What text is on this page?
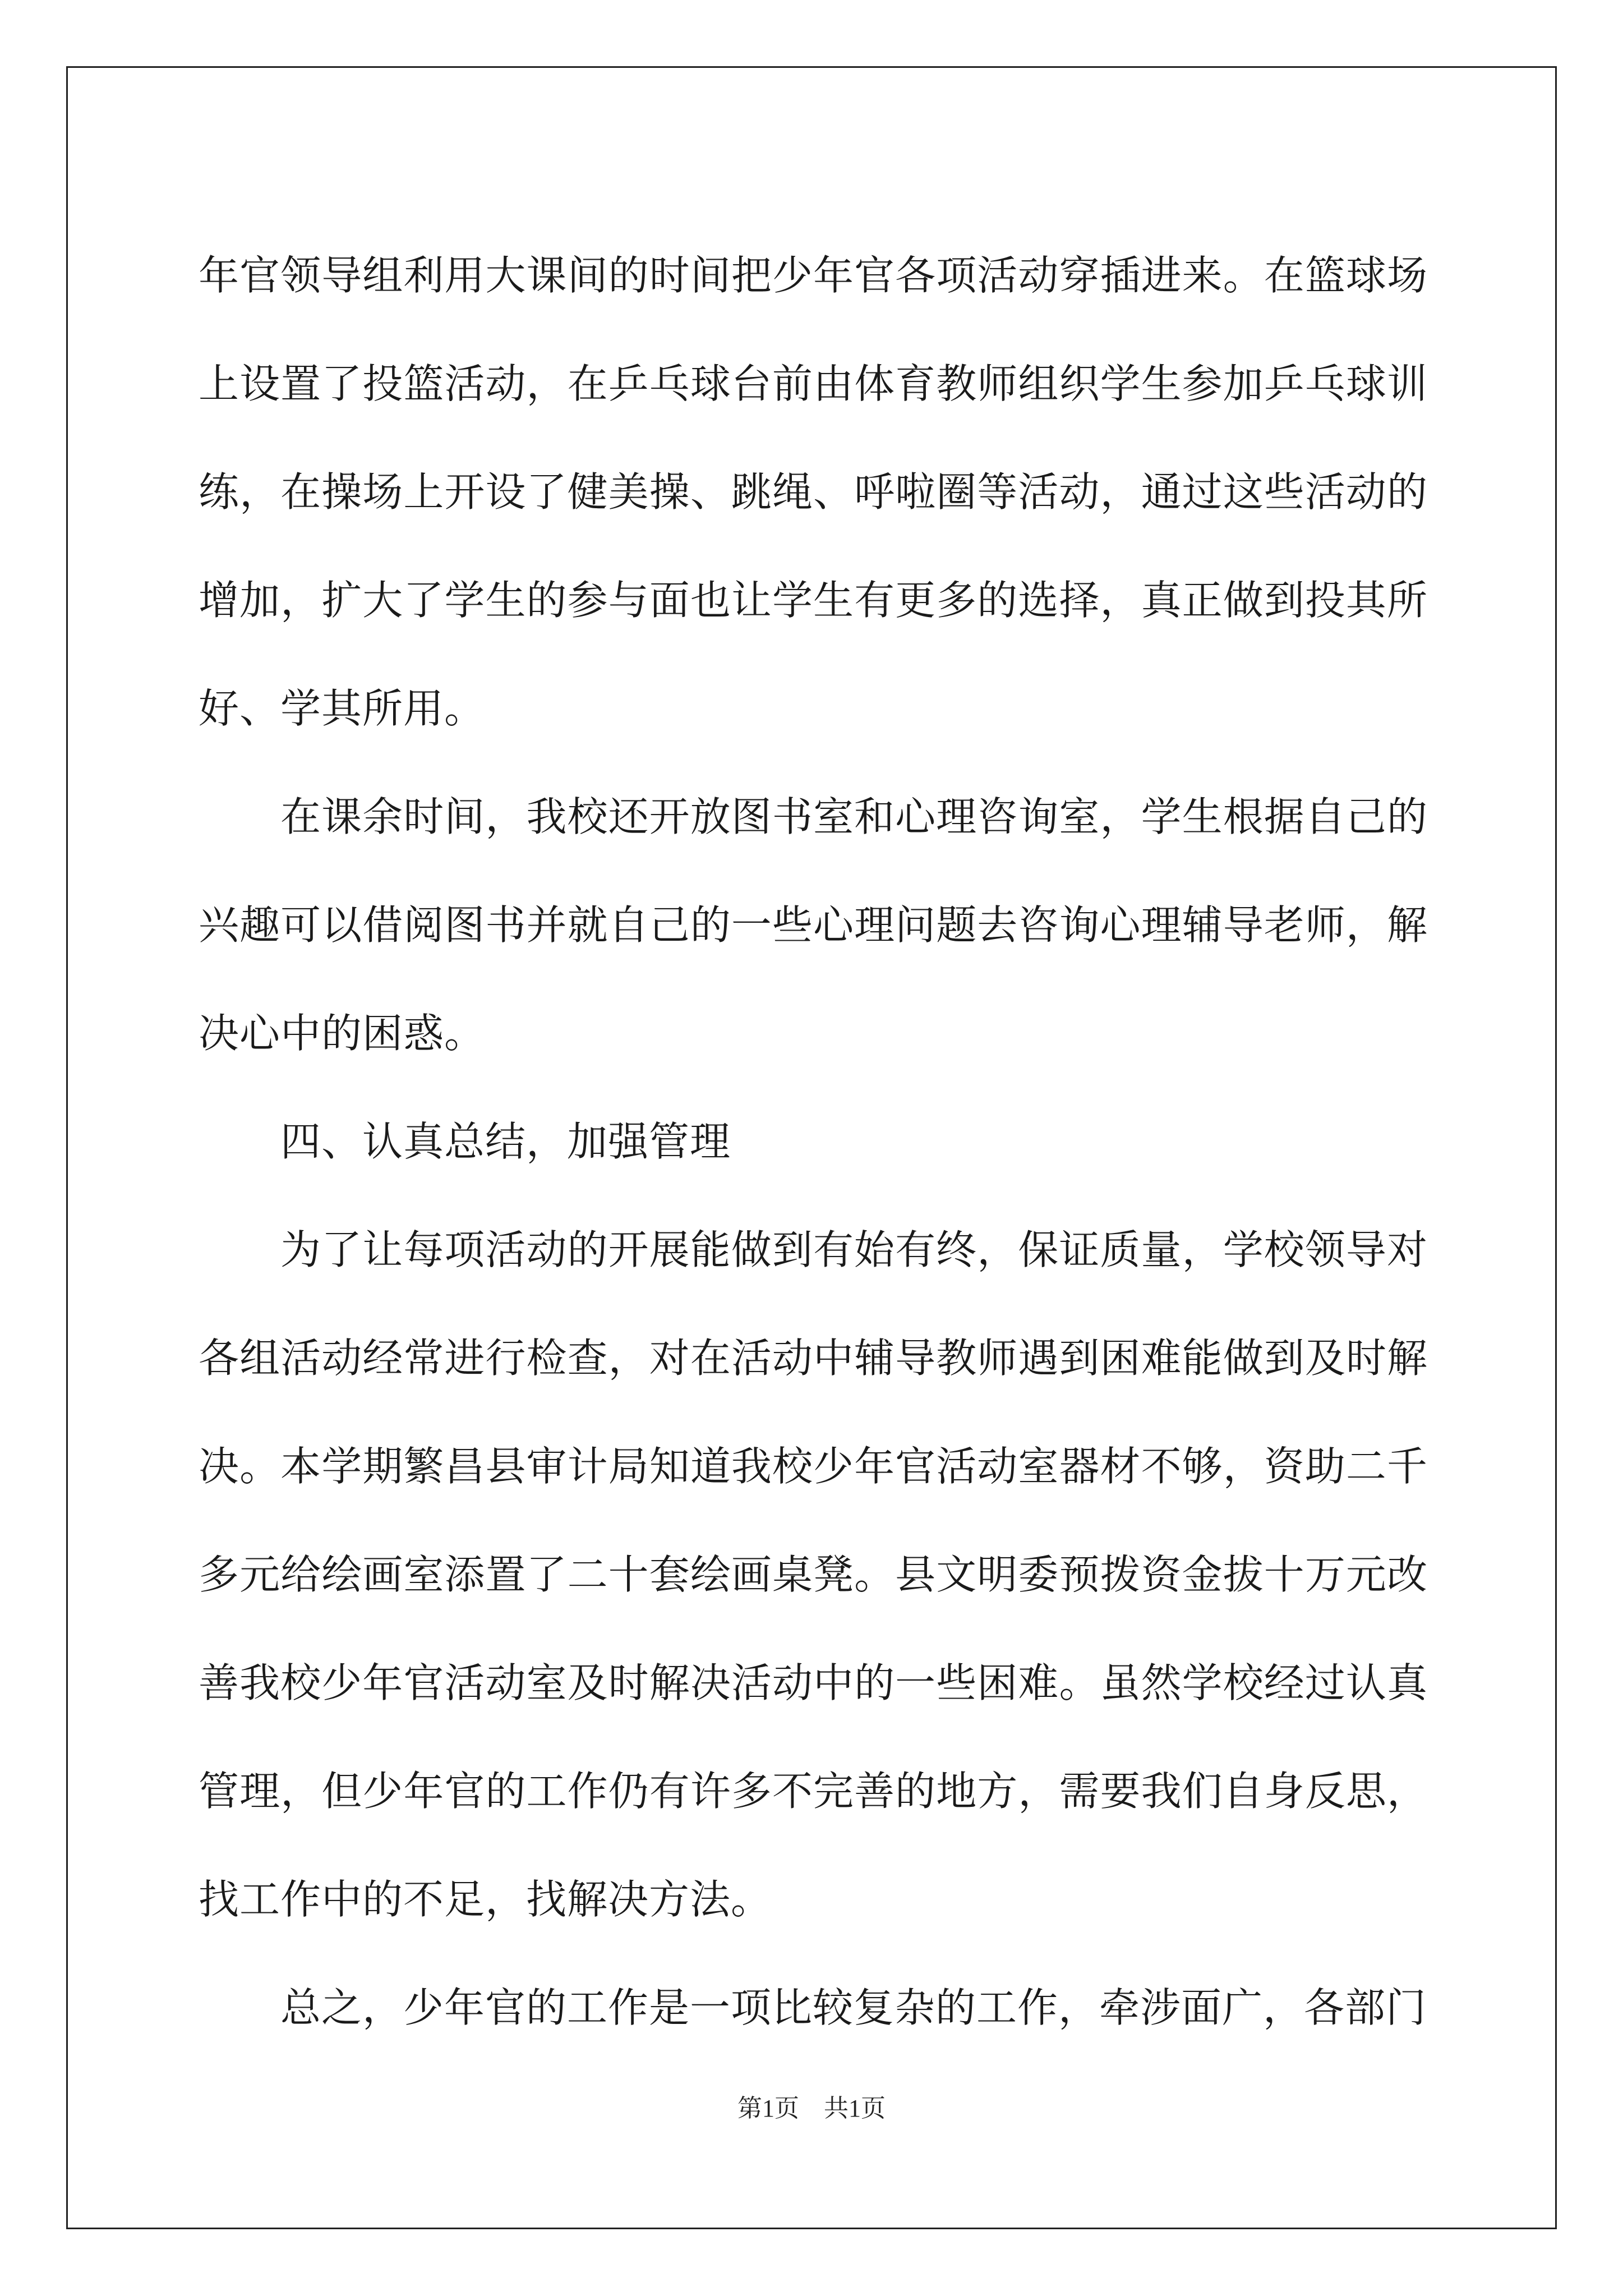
年官领导组利用大课间的时间把少年官各项活动穿插进来。在篮球场上设置了投篮活动，在乒乓球台前由体育教师组织学生参加乒乓球训练，在操场上开设了健美操、跳绳、呼啦圈等活动，通过这些活动的增加，扩大了学生的参与面也让学生有更多的选择，真正做到投其所好、学其所用。

在课余时间，我校还开放图书室和心理咨询室，学生根据自己的兴趣可以借阅图书并就自己的一些心理问题去咨询心理辅导老师，解决心中的困惑。

四、认真总结，加强管理

为了让每项活动的开展能做到有始有终，保证质量，学校领导对各组活动经常进行检查，对在活动中辅导教师遇到困难能做到及时解决。本学期繁昌县审计局知道我校少年官活动室器材不够，资助二千多元给绘画室添置了二十套绘画桌凳。县文明委预拨资金拔十万元改善我校少年官活动室及时解决活动中的一些困难。虽然学校经过认真管理，但少年官的工作仍有许多不完善的地方，需要我们自身反思，找工作中的不足，找解决方法。

总之，少年官的工作是一项比较复杂的工作，牵涉面广，各部门

第1页　共1页
